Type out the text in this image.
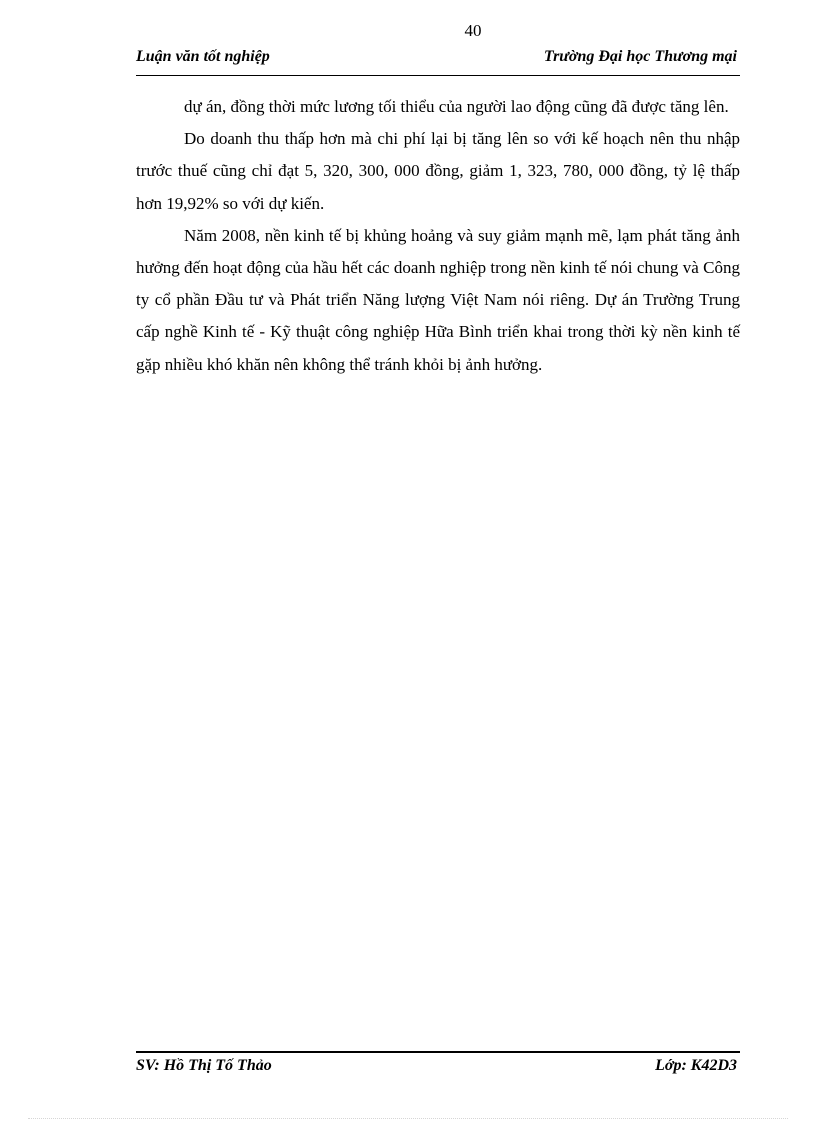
40
Luận văn tốt nghiệp	Trường Đại học Thương mại

dự án, đồng thời mức lương tối thiểu của người lao động cũng đã được tăng lên.

Do doanh thu thấp hơn mà chi phí lại bị tăng lên so với kế hoạch nên thu nhập trước thuế cũng chỉ đạt 5, 320, 300, 000 đồng, giảm 1, 323, 780, 000 đồng, tỷ lệ thấp hơn 19,92% so với dự kiến.

Năm 2008, nền kinh tế bị khủng hoảng và suy giảm mạnh mẽ, lạm phát tăng ảnh hưởng đến hoạt động của hầu hết các doanh nghiệp trong nền kinh tế nói chung và Công ty cổ phần Đầu tư và Phát triển Năng lượng Việt Nam nói riêng. Dự án Trường Trung cấp nghề Kinh tế - Kỹ thuật công nghiệp Hữa Bình triển khai trong thời kỳ nền kinh tế gặp nhiều khó khăn nên không thể tránh khỏi bị ảnh hưởng.

SV: Hồ Thị Tố Thảo	Lớp: K42D3
